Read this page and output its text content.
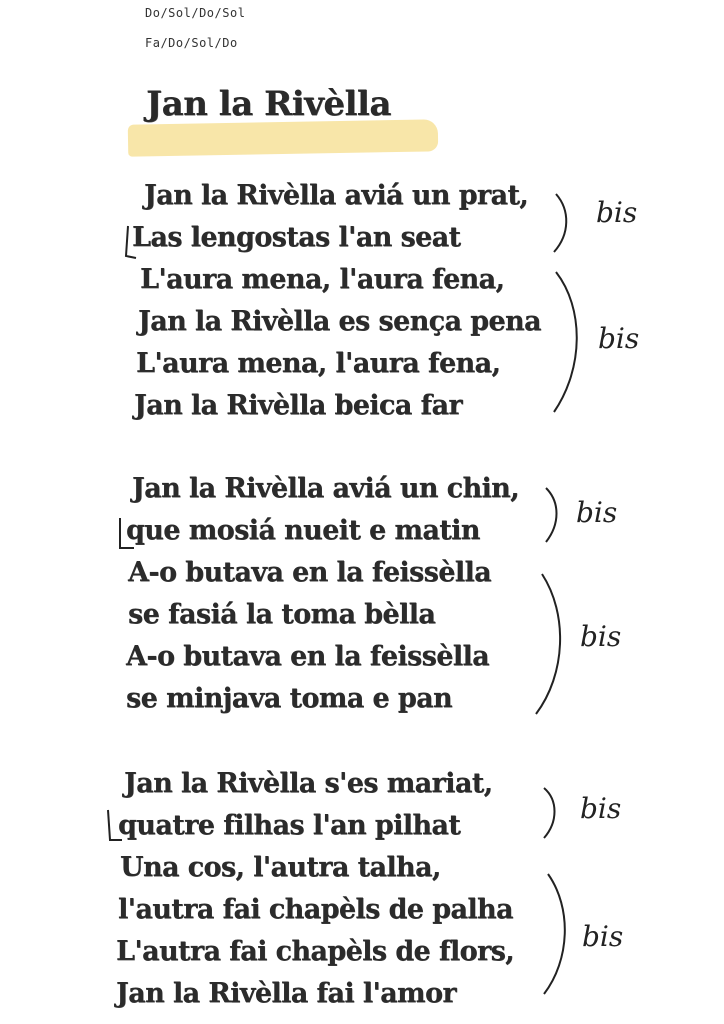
Do/Sol/Do/Sol
Fa/Do/Sol/Do
Jan la Rivèlla
Jan la Rivèlla aviá un prat,
Las lengostas l'an seat
L'aura mena, l'aura fena,
Jan la Rivèlla es sença pena
L'aura mena, l'aura fena,
Jan la Rivèlla beica far
bis
bis
Jan la Rivèlla aviá un chin,
que mosiá nueit e matin
A-o butava en la feissèlla
se fasiá la toma bèlla
A-o butava en la feissèlla
se minjava toma e pan
bis
bis
Jan la Rivèlla s'es mariat,
quatre filhas l'an pilhat
Una cos, l'autra talha,
l'autra fai chapèls de palha
L'autra fai chapèls de flors,
Jan la Rivèlla fai l'amor
bis
bis
